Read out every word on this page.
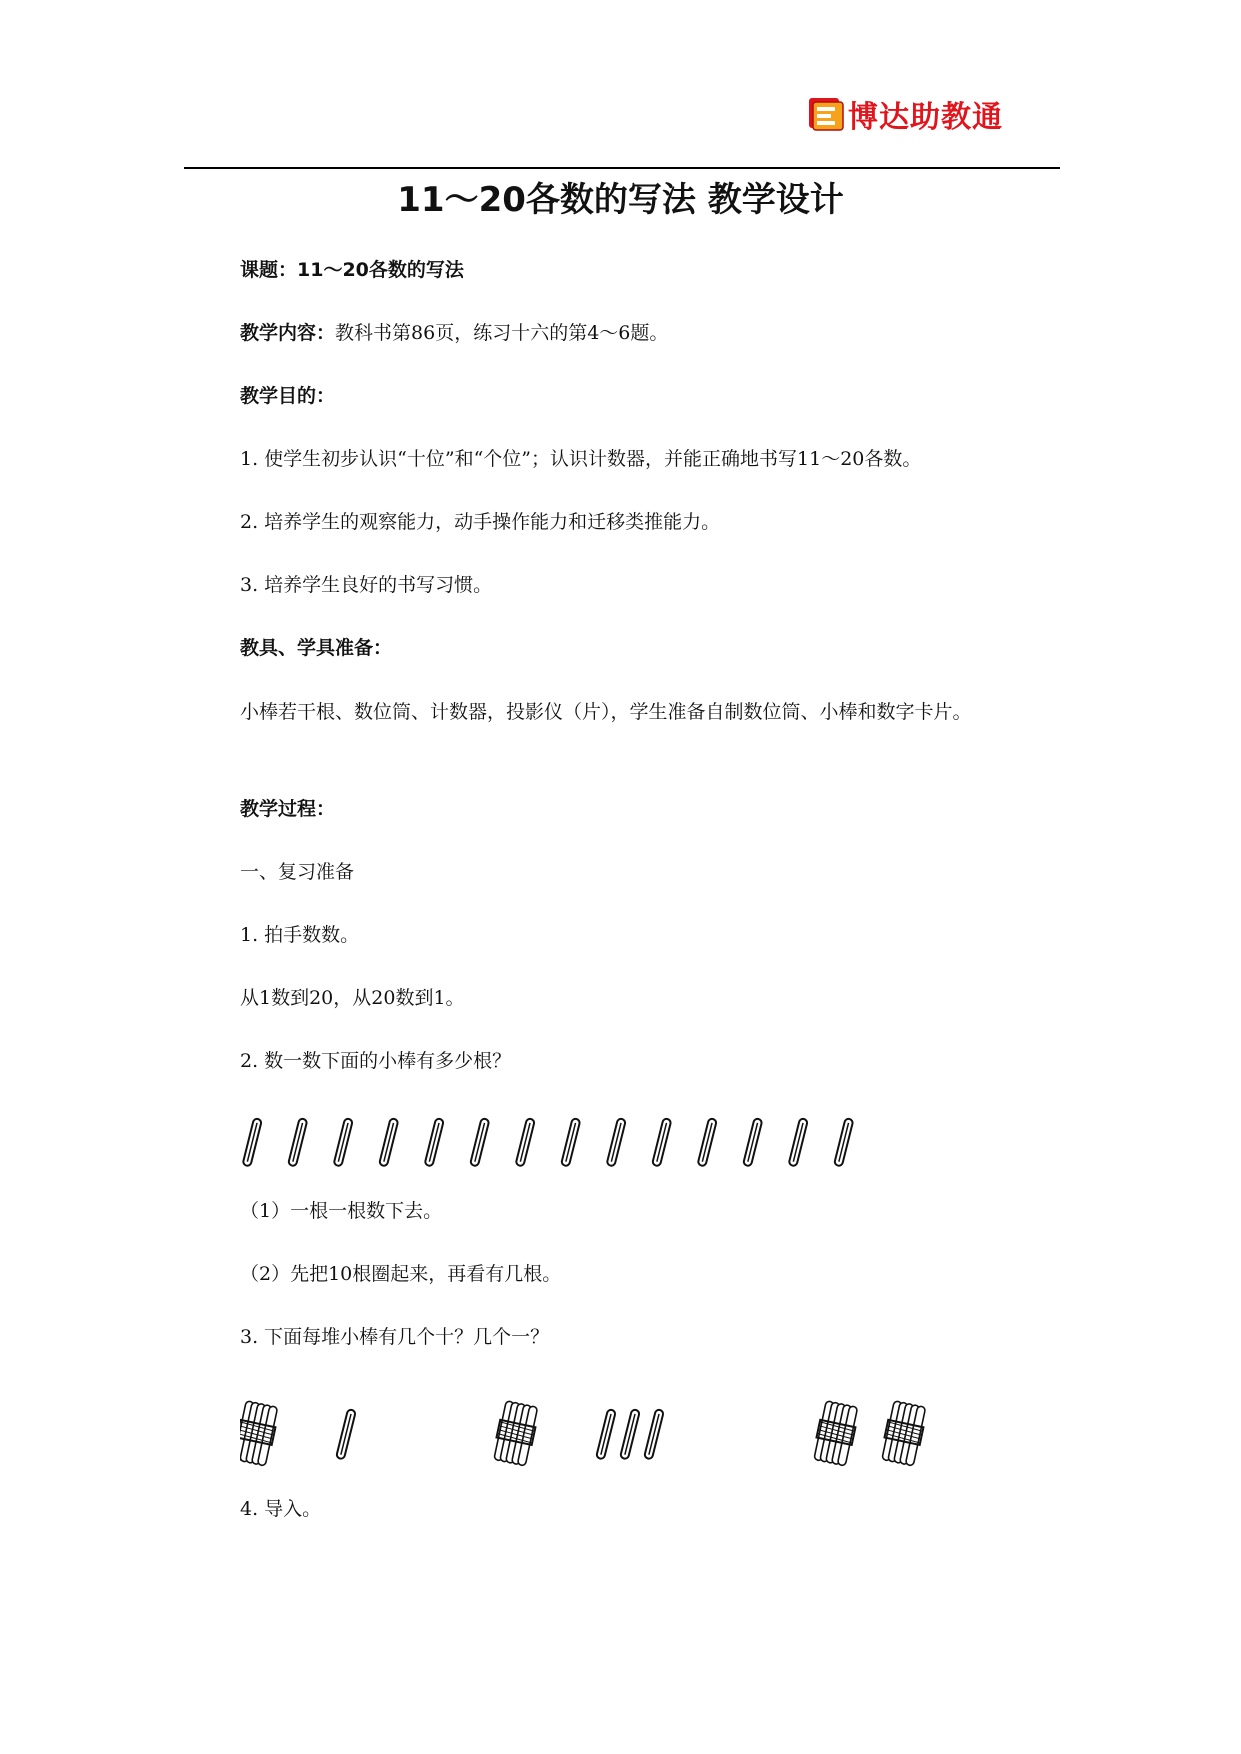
博达助教通
11～20各数的写法 教学设计
课题：11～20各数的写法
教学内容：教科书第86页，练习十六的第4～6题。
教学目的：
1. 使学生初步认识“十位”和“个位”；认识计数器，并能正确地书写11～20各数。
2. 培养学生的观察能力，动手操作能力和迁移类推能力。
3. 培养学生良好的书写习惯。
教具、学具准备：
小棒若干根、数位筒、计数器，投影仪（片），学生准备自制数位筒、小棒和数字卡片。
教学过程：
一、复习准备
1. 拍手数数。
从1数到20，从20数到1。
2. 数一数下面的小棒有多少根？
（1）一根一根数下去。
（2）先把10根圈起来，再看有几根。
3. 下面每堆小棒有几个十？几个一？
4. 导入。
